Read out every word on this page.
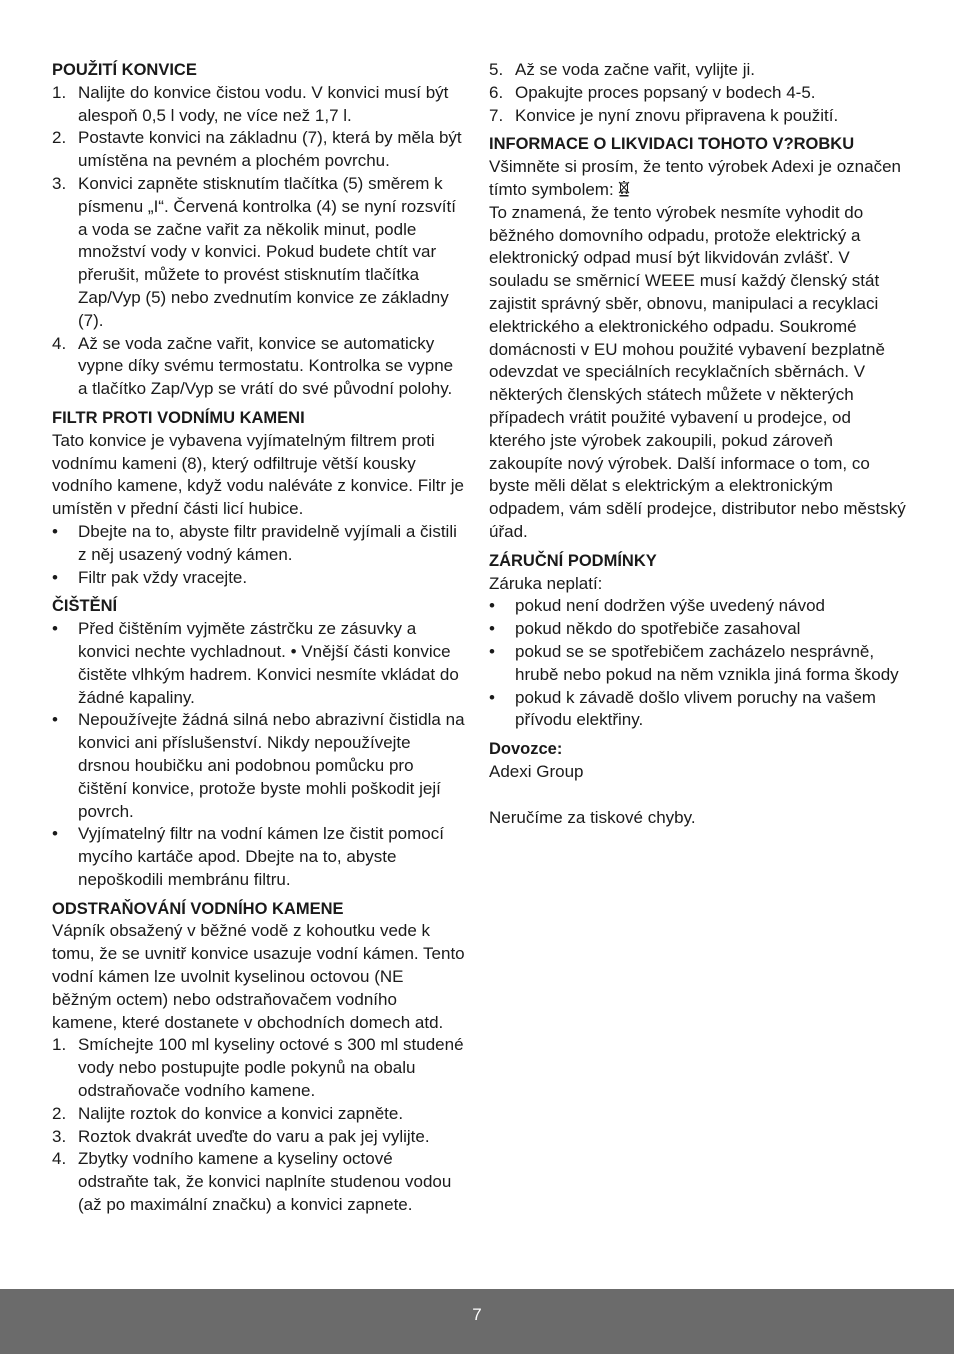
POUŽITÍ KONVICE
1. Nalijte do konvice čistou vodu. V konvici musí být alespoň 0,5 l vody, ne více než 1,7 l.
2. Postavte konvici na základnu (7), která by měla být umístěna na pevném a plochém povrchu.
3. Konvici zapněte stisknutím tlačítka (5) směrem k písmenu „I“. Červená kontrolka (4) se nyní rozsvítí a voda se začne vařit za několik minut, podle množství vody v konvici. Pokud budete chtít var přerušit, můžete to provést stisknutím tlačítka Zap/Vyp (5) nebo zvednutím konvice ze základny (7).
4. Až se voda začne vařit, konvice se automaticky vypne díky svému termostatu. Kontrolka se vypne a tlačítko Zap/Vyp se vrátí do své původní polohy.
FILTR PROTI VODNÍMU KAMENI

Tato konvice je vybavena vyjímatelným filtrem proti vodnímu kameni (8), který odfiltruje větší kousky vodního kamene, když vodu naléváte z konvice. Filtr je umístěn v přední části licí hubice.

• Dbejte na to, abyste filtr pravidelně vyjímali a čistili z něj usazený vodný kámen.
• Filtr pak vždy vracejte.
ČIŠTĚNÍ
• Před čištěním vyjměte zástrčku ze zásuvky a konvici nechte vychladnout. • Vnější části konvice čistěte vlhkým hadrem. Konvici nesmíte vkládat do žádné kapaliny.
• Nepoužívejte žádná silná nebo abrazivní čistidla na konvici ani příslušenství. Nikdy nepoužívejte drsnou houbičku ani podobnou pomůcku pro čištění konvice, protože byste mohli poškodit její povrch.
• Vyjímatelný filtr na vodní kámen lze čistit pomocí mycího kartáče apod. Dbejte na to, abyste nepoškodili membránu filtru.
ODSTRAŇOVÁNÍ VODNÍHO KAMENE

Vápník obsažený v běžné vodě z kohoutku vede k tomu, že se uvnitř konvice usazuje vodní kámen. Tento vodní kámen lze uvolnit kyselinou octovou (NE běžným octem) nebo odstraňovačem vodního kamene, které dostanete v obchodních domech atd.

1. Smíchejte 100 ml kyseliny octové s 300 ml studené vody nebo postupujte podle pokynů na obalu odstraňovače vodního kamene.
2. Nalijte roztok do konvice a konvici zapněte.
3. Roztok dvakrát uveďte do varu a pak jej vylijte.
4. Zbytky vodního kamene a kyseliny octové odstraňte tak, že konvici naplníte studenou vodou (až po maximální značku) a konvici zapnete.
5. Až se voda začne vařit, vylijte ji.
6. Opakujte proces popsaný v bodech 4-5.
7. Konvice je nyní znovu připravena k použití.
INFORMACE O LIKVIDACI TOHOTO V?ROBKU

Všimněte si prosím, že tento výrobek Adexi je označen tímto symbolem:

To znamená, že tento výrobek nesmíte vyhodit do běžného domovního odpadu, protože elektrický a elektronický odpad musí být likvidován zvlášť. V souladu se směrnicí WEEE musí každý členský stát zajistit správný sběr, obnovu, manipulaci a recyklaci elektrického a elektronického odpadu. Soukromé domácnosti v EU mohou použité vybavení bezplatně odevzdat ve speciálních recyklačních sběrnách. V některých členských státech můžete v některých případech vrátit použité vybavení u prodejce, od kterého jste výrobek zakoupili, pokud zároveň zakoupíte nový výrobek. Další informace o tom, co byste měli dělat s elektrickým a elektronickým odpadem, vám sdělí prodejce, distributor nebo městský úřad.

ZÁRUČNÍ PODMÍNKY

Záruka neplatí:

• pokud není dodržen výše uvedený návod
• pokud někdo do spotřebiče zasahoval
• pokud se se spotřebičem zacházelo nesprávně, hrubě nebo pokud na něm vznikla jiná forma škody
• pokud k závadě došlo vlivem poruchy na vašem přívodu elektřiny.
Dovozce:

Adexi Group

Neručíme za tiskové chyby.

7
